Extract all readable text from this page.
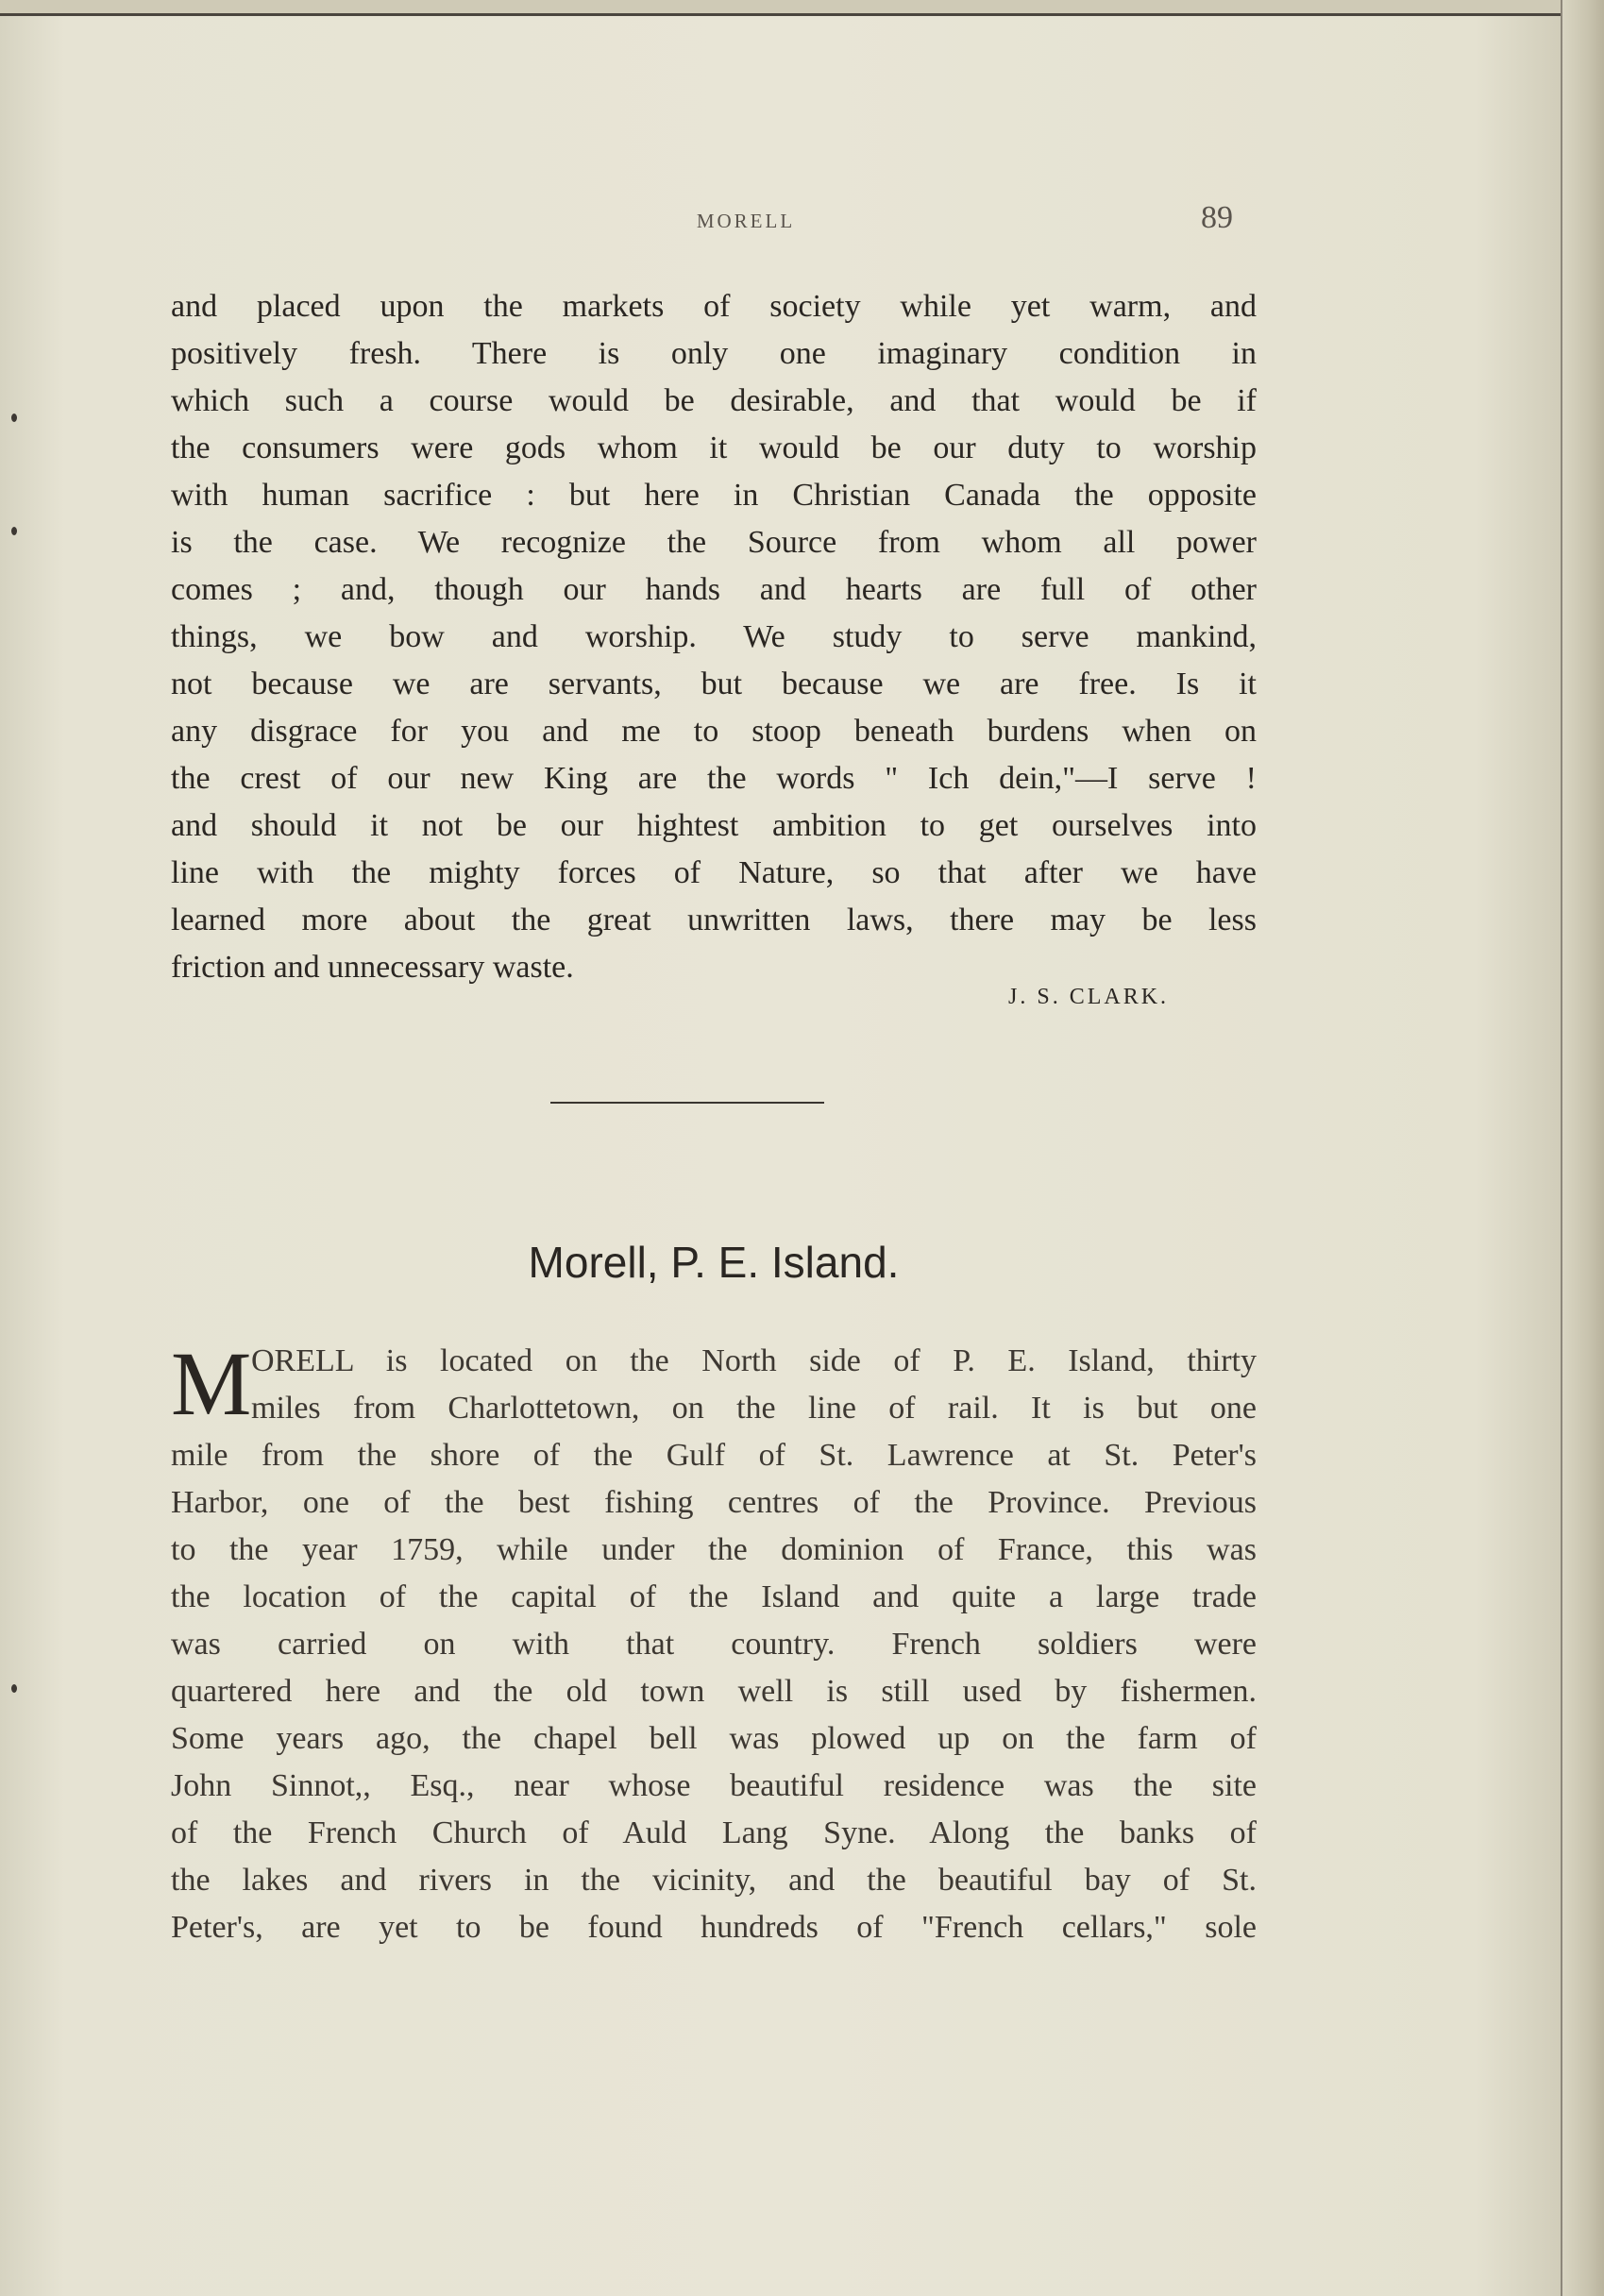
MORELL	89
and placed upon the markets of society while yet warm, and
positively fresh. There is only one imaginary condition in
which such a course would be desirable, and that would be if
the consumers were gods whom it would be our duty to worship
with human sacrifice : but here in Christian Canada the opposite
is the case. We recognize the Source from whom all power
comes ; and, though our hands and hearts are full of other
things, we bow and worship. We study to serve mankind,
not because we are servants, but because we are free. Is it
any disgrace for you and me to stoop beneath burdens when on
the crest of our new King are the words " Ich dein,"—I serve !
and should it not be our hightest ambition to get ourselves into
line with the mighty forces of Nature, so that after we have
learned more about the great unwritten laws, there may be less
friction and unnecessary waste.
J. S. CLARK.
Morell, P. E. Island.
M ORELL is located on the North side of P. E. Island, thirty
miles from Charlottetown, on the line of rail. It is but one
mile from the shore of the Gulf of St. Lawrence at St. Peter's
Harbor, one of the best fishing centres of the Province. Previous
to the year 1759, while under the dominion of France, this was
the location of the capital of the Island and quite a large trade
was carried on with that country. French soldiers were
quartered here and the old town well is still used by fishermen.
Some years ago, the chapel bell was plowed up on the farm of
John Sinnot,, Esq., near whose beautiful residence was the site
of the French Church of Auld Lang Syne. Along the banks of
the lakes and rivers in the vicinity, and the beautiful bay of St.
Peter's, are yet to be found hundreds of "French cellars," sole
